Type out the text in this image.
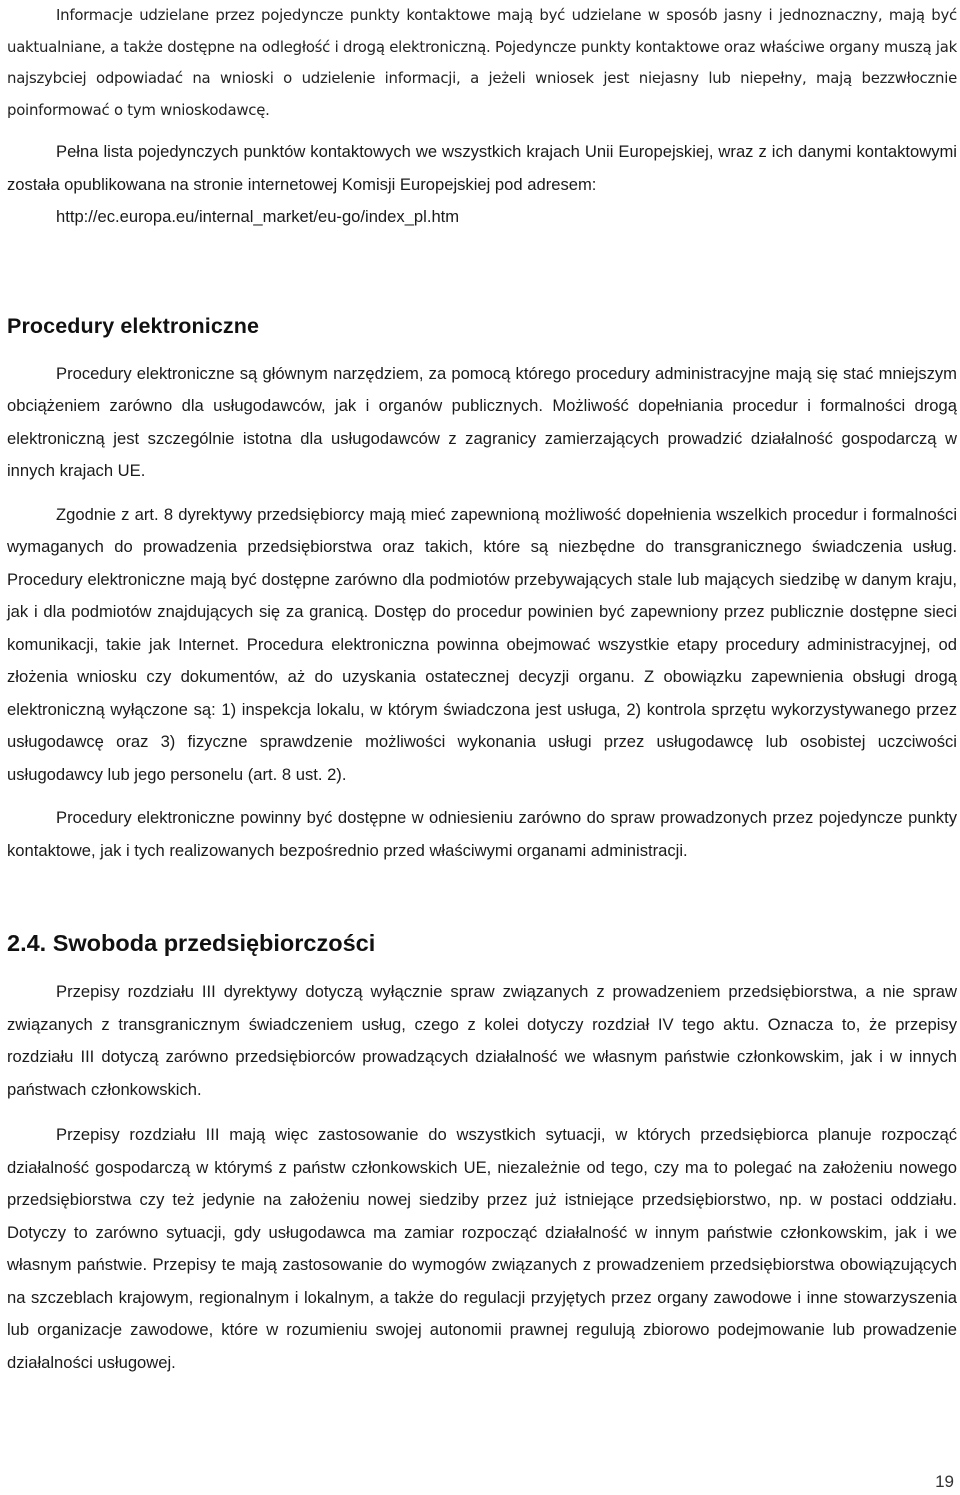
Informacje udzielane przez pojedyncze punkty kontaktowe mają być udzielane w sposób jasny i jednoznaczny, mają być uaktualniane, a także dostępne na odległość i drogą elektroniczną. Pojedyncze punkty kontaktowe oraz właściwe organy muszą jak najszybciej odpowiadać na wnioski o udzielenie informacji, a jeżeli wniosek jest niejasny lub niepełny, mają bezzwłocznie poinformować o tym wnioskodawcę.

Pełna lista pojedynczych punktów kontaktowych we wszystkich krajach Unii Europejskiej, wraz z ich danymi kontaktowymi została opublikowana na stronie internetowej Komisji Europejskiej pod adresem:

http://ec.europa.eu/internal_market/eu-go/index_pl.htm

Procedury elektroniczne

Procedury elektroniczne są głównym narzędziem, za pomocą którego procedury administracyjne mają się stać mniejszym obciążeniem zarówno dla usługodawców, jak i organów publicznych. Możliwość dopełniania procedur i formalności drogą elektroniczną jest szczególnie istotna dla usługodawców z zagranicy zamierzających prowadzić działalność gospodarczą w innych krajach UE.

Zgodnie z art. 8 dyrektywy przedsiębiorcy mają mieć zapewnioną możliwość dopełnienia wszelkich procedur i formalności wymaganych do prowadzenia przedsiębiorstwa oraz takich, które są niezbędne do transgranicznego świadczenia usług. Procedury elektroniczne mają być dostępne zarówno dla podmiotów przebywających stale lub mających siedzibę w danym kraju, jak i dla podmiotów znajdujących się za granicą. Dostęp do procedur powinien być zapewniony przez publicznie dostępne sieci komunikacji, takie jak Internet. Procedura elektroniczna powinna obejmować wszystkie etapy procedury administracyjnej, od złożenia wniosku czy dokumentów, aż do uzyskania ostatecznej decyzji organu. Z obowiązku zapewnienia obsługi drogą elektroniczną wyłączone są: 1) inspekcja lokalu, w którym świadczona jest usługa, 2) kontrola sprzętu wykorzystywanego przez usługodawcę oraz 3) fizyczne sprawdzenie możliwości wykonania usługi przez usługodawcę lub osobistej uczciwości usługodawcy lub jego personelu (art. 8 ust. 2).

Procedury elektroniczne powinny być dostępne w odniesieniu zarówno do spraw prowadzonych przez pojedyncze punkty kontaktowe, jak i tych realizowanych bezpośrednio przed właściwymi organami administracji.

2.4. Swoboda przedsiębiorczości

Przepisy rozdziału III dyrektywy dotyczą wyłącznie spraw związanych z prowadzeniem przedsiębiorstwa, a nie spraw związanych z transgranicznym świadczeniem usług, czego z kolei dotyczy rozdział IV tego aktu. Oznacza to, że przepisy rozdziału III dotyczą zarówno przedsiębiorców prowadzących działalność we własnym państwie członkowskim, jak i w innych państwach członkowskich.

Przepisy rozdziału III mają więc zastosowanie do wszystkich sytuacji, w których przedsiębiorca planuje rozpocząć działalność gospodarczą w którymś z państw członkowskich UE, niezależnie od tego, czy ma to polegać na założeniu nowego przedsiębiorstwa czy też jedynie na założeniu nowej siedziby przez już istniejące przedsiębiorstwo, np. w postaci oddziału. Dotyczy to zarówno sytuacji, gdy usługodawca ma zamiar rozpocząć działalność w innym państwie członkowskim, jak i we własnym państwie. Przepisy te mają zastosowanie do wymogów związanych z prowadzeniem przedsiębiorstwa obowiązujących na szczeblach krajowym, regionalnym i lokalnym, a także do regulacji przyjętych przez organy zawodowe i inne stowarzyszenia lub organizacje zawodowe, które w rozumieniu swojej autonomii prawnej regulują zbiorowo podejmowanie lub prowadzenie działalności usługowej.

19
